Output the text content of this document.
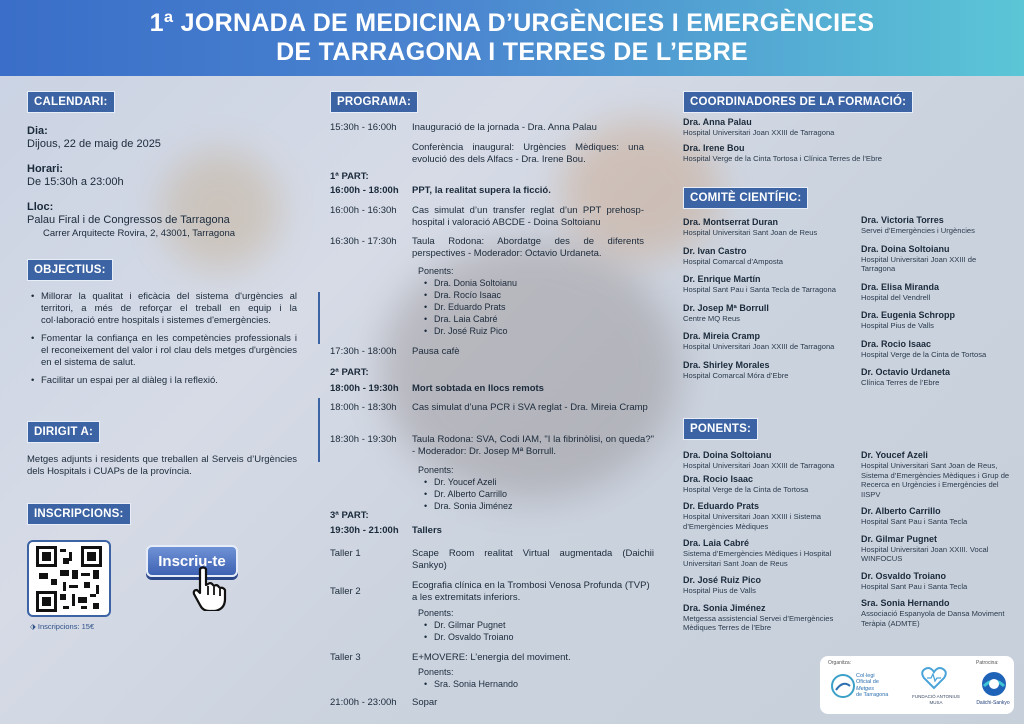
1ª JORNADA DE MEDICINA D’URGÈNCIES I EMERGÈNCIES
DE TARRAGONA I TERRES DE L’EBRE
CALENDARI:
Dia:
Dijous, 22 de maig de 2025
Horari:
De 15:30h a 23:00h
Lloc:
Palau Firal i de Congressos de Tarragona
Carrer Arquitecte Rovira, 2, 43001, Tarragona
OBJECTIUS:
• Millorar la qualitat i eficàcia del sistema d'urgències al territori, a més de reforçar el treball en equip i la col·laboració entre hospitals i sistemes d'emergències.
• Fomentar la confiança en les competències professionals i el reconeixement del valor i rol clau dels metges d'urgències en el sistema de salut.
• Facilitar un espai per al diàleg i la reflexió.
DIRIGIT A:
Metges adjunts i residents que treballen al Serveis d’Urgències dels Hospitals i CUAPs de la província.
INSCRIPCIONS:
Inscriu-te
⬗ Inscripcions: 15€
PROGRAMA:
15:30h - 16:00h Inauguració de la jornada - Dra. Anna Palau
Conferència inaugural: Urgències Mèdiques: una evolució des dels Alfacs - Dra. Irene Bou.
1ª PART:
16:00h - 18:00h PPT, la realitat supera la ficció.
16:00h - 16:30h Cas simulat d’un transfer reglat d’un PPT prehosp-hospital i valoració ABCDE - Doina Soltoianu
16:30h - 17:30h Taula Rodona: Abordatge des de diferents perspectives - Moderador: Octavio Urdaneta.
Ponents:
• Dra. Donia Soltoianu
• Dra. Rocío Isaac
• Dr. Eduardo Prats
• Dra. Laia Cabré
• Dr. José Ruiz Pico
17:30h - 18:00h Pausa cafè
2ª PART:
18:00h - 19:30h Mort sobtada en llocs remots
18:00h - 18:30h Cas simulat d’una PCR i SVA reglat - Dra. Mireia Cramp
18:30h - 19:30h Taula Rodona: SVA, Codi IAM, "I la fibrinòlisi, on queda?" - Moderador: Dr. Josep Mª Borrull.
Ponents:
• Dr. Youcef Azeli
• Dr. Alberto Carrillo
• Dra. Sonia Jiménez
3ª PART:
19:30h - 21:00h Tallers
Taller 1	Scape Room realitat Virtual augmentada (Daichii Sankyo)
Taller 2
Ecografia clínica en la Trombosi Venosa Profunda (TVP) a les extremitats inferiors.
Ponents:
• Dr. Gilmar Pugnet
• Dr. Osvaldo Troiano
Taller 3	E+MOVERE: L’energia del moviment.
Ponents:
• Sra. Sonia Hernando
21:00h - 23:00h Sopar
COORDINADORES DE LA FORMACIÓ:
Dra. Anna Palau
Hospital Universitari Joan XXIII de Tarragona
Dra. Irene Bou
Hospital Verge de la Cinta Tortosa i Clínica Terres de l’Ebre
COMITÈ CIENTÍFIC:
Dra. Montserrat Duran
Hospital Universitari Sant Joan de Reus
Dr. Ivan Castro
Hospital Comarcal d’Amposta
Dr. Enrique Martín
Hospital Sant Pau i Santa Tecla de Tarragona
Dr. Josep Mª Borrull
Centre MQ Reus
Dra. Mireia Cramp
Hospital Universitari Joan XXIII de Tarragona
Dra. Shirley Morales
Hospital Comarcal Móra d’Ebre
Dra. Victoria Torres
Servei d’Emergències i Urgències
Dra. Doina Soltoianu
Hospital Universitari Joan XXIII de Tarragona
Dra. Elisa Miranda
Hospital del Vendrell
Dra. Eugenia Schropp
Hospital Pius de Valls
Dra. Rocio Isaac
Hospital Verge de la Cinta de Tortosa
Dr. Octavio Urdaneta
Clínica Terres de l’Ebre
PONENTS:
Dra. Doina Soltoianu
Hospital Universitari Joan XXIII de Tarragona
Dra. Rocio Isaac
Hospital Verge de la Cinta de Tortosa
Dr. Eduardo Prats
Hospital Universitari Joan XXIII i Sistema d’Emergències Mèdiques
Dra. Laia Cabré
Sistema d’Emergències Mèdiques i Hospital Universitari Sant Joan de Reus
Dr. José Ruiz Pico
Hospital Pius de Valls
Dra. Sonia Jiménez
Metgessa assistencial Servei d’Emergències Mèdiques Terres de l’Ebre
Dr. Youcef Azeli
Hospital Universitari Sant Joan de Reus, Sistema d’Emergències Mèdiques i Grup de Recerca en Urgències i Emergències del IISPV
Dr. Alberto Carrillo
Hospital Sant Pau i Santa Tecla
Dr. Gilmar Pugnet
Hospital Universitari Joan XXIII. Vocal WINFOCUS
Dr. Osvaldo Troiano
Hospital Sant Pau i Santa Tecla
Sra. Sonia Hernando
Associació Espanyola de Dansa Moviment Teràpia (ADMTE)
Organitza:
Col·legi
Oficial de
Metges
de Tarragona	FUNDACIÓ ANTONIUS MUSA
Patrocina:
Daiichi-Sankyo
